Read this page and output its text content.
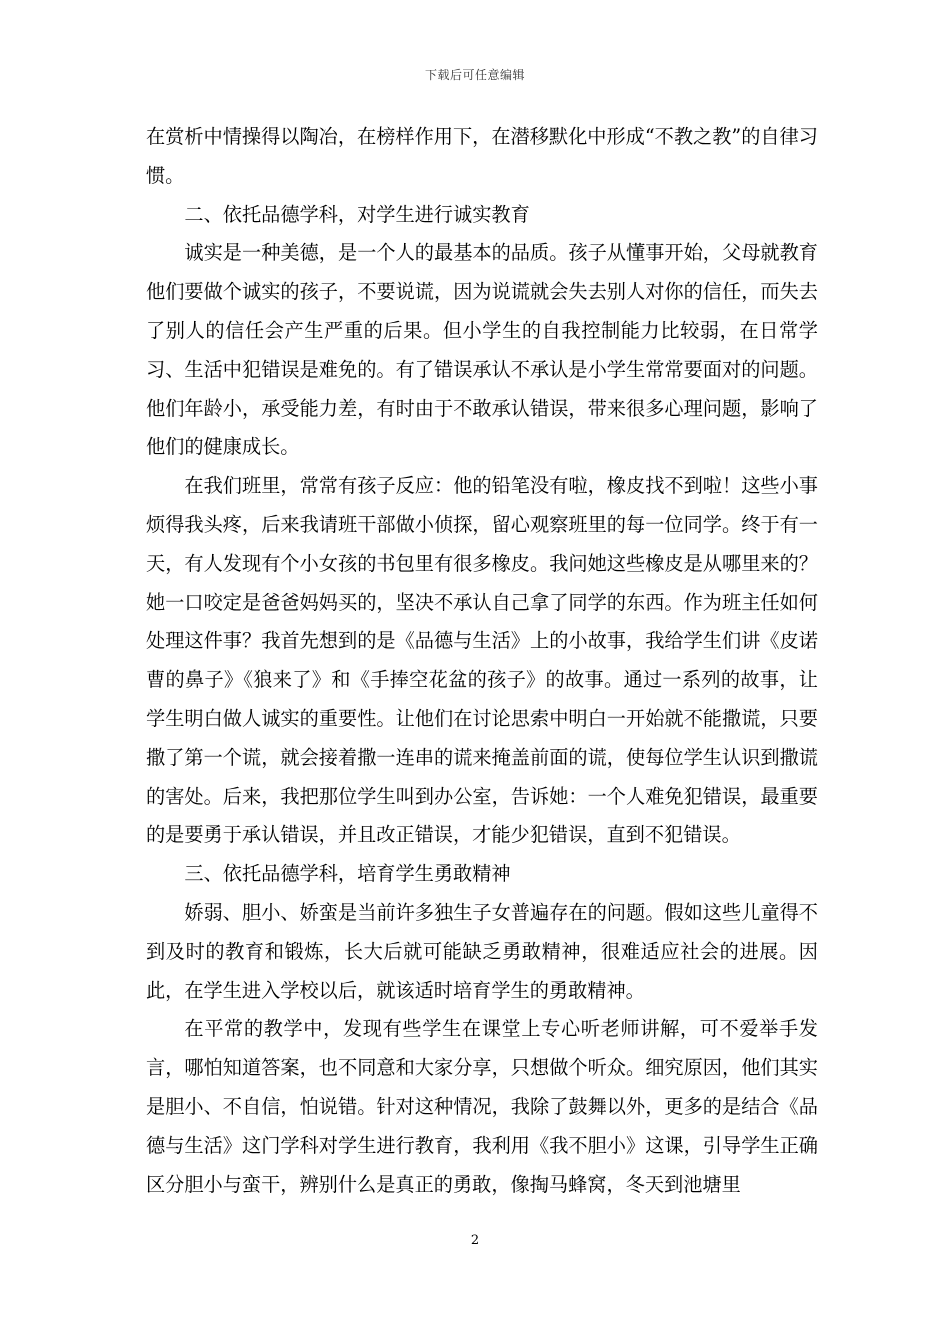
下载后可任意编辑

在赏析中情操得以陶冶，在榜样作用下，在潜移默化中形成“不教之教”的自律习惯。

二、依托品德学科，对学生进行诚实教育

诚实是一种美德，是一个人的最基本的品质。孩子从懂事开始，父母就教育他们要做个诚实的孩子，不要说谎，因为说谎就会失去别人对你的信任，而失去了别人的信任会产生严重的后果。但小学生的自我控制能力比较弱，在日常学习、生活中犯错误是难免的。有了错误承认不承认是小学生常常要面对的问题。他们年龄小，承受能力差，有时由于不敢承认错误，带来很多心理问题，影响了他们的健康成长。

在我们班里，常常有孩子反应：他的铅笔没有啦，橡皮找不到啦！这些小事烦得我头疼，后来我请班干部做小侦探，留心观察班里的每一位同学。终于有一天，有人发现有个小女孩的书包里有很多橡皮。我问她这些橡皮是从哪里来的？她一口咬定是爸爸妈妈买的，坚决不承认自己拿了同学的东西。作为班主任如何处理这件事？我首先想到的是《品德与生活》上的小故事，我给学生们讲《皮诺曹的鼻子》《狼来了》和《手捧空花盆的孩子》的故事。通过一系列的故事，让学生明白做人诚实的重要性。让他们在讨论思索中明白一开始就不能撒谎，只要撒了第一个谎，就会接着撒一连串的谎来掩盖前面的谎，使每位学生认识到撒谎的害处。后来，我把那位学生叫到办公室，告诉她：一个人难免犯错误，最重要的是要勇于承认错误，并且改正错误，才能少犯错误，直到不犯错误。

三、依托品德学科，培育学生勇敢精神

娇弱、胆小、娇蛮是当前许多独生子女普遍存在的问题。假如这些儿童得不到及时的教育和锻炼，长大后就可能缺乏勇敢精神，很难适应社会的进展。因此，在学生进入学校以后，就该适时培育学生的勇敢精神。

在平常的教学中，发现有些学生在课堂上专心听老师讲解，可不爱举手发言，哪怕知道答案，也不同意和大家分享，只想做个听众。细究原因，他们其实是胆小、不自信，怕说错。针对这种情况，我除了鼓舞以外，更多的是结合《品德与生活》这门学科对学生进行教育，我利用《我不胆小》这课，引导学生正确区分胆小与蛮干，辨别什么是真正的勇敢，像掏马蜂窝，冬天到池塘里

2
